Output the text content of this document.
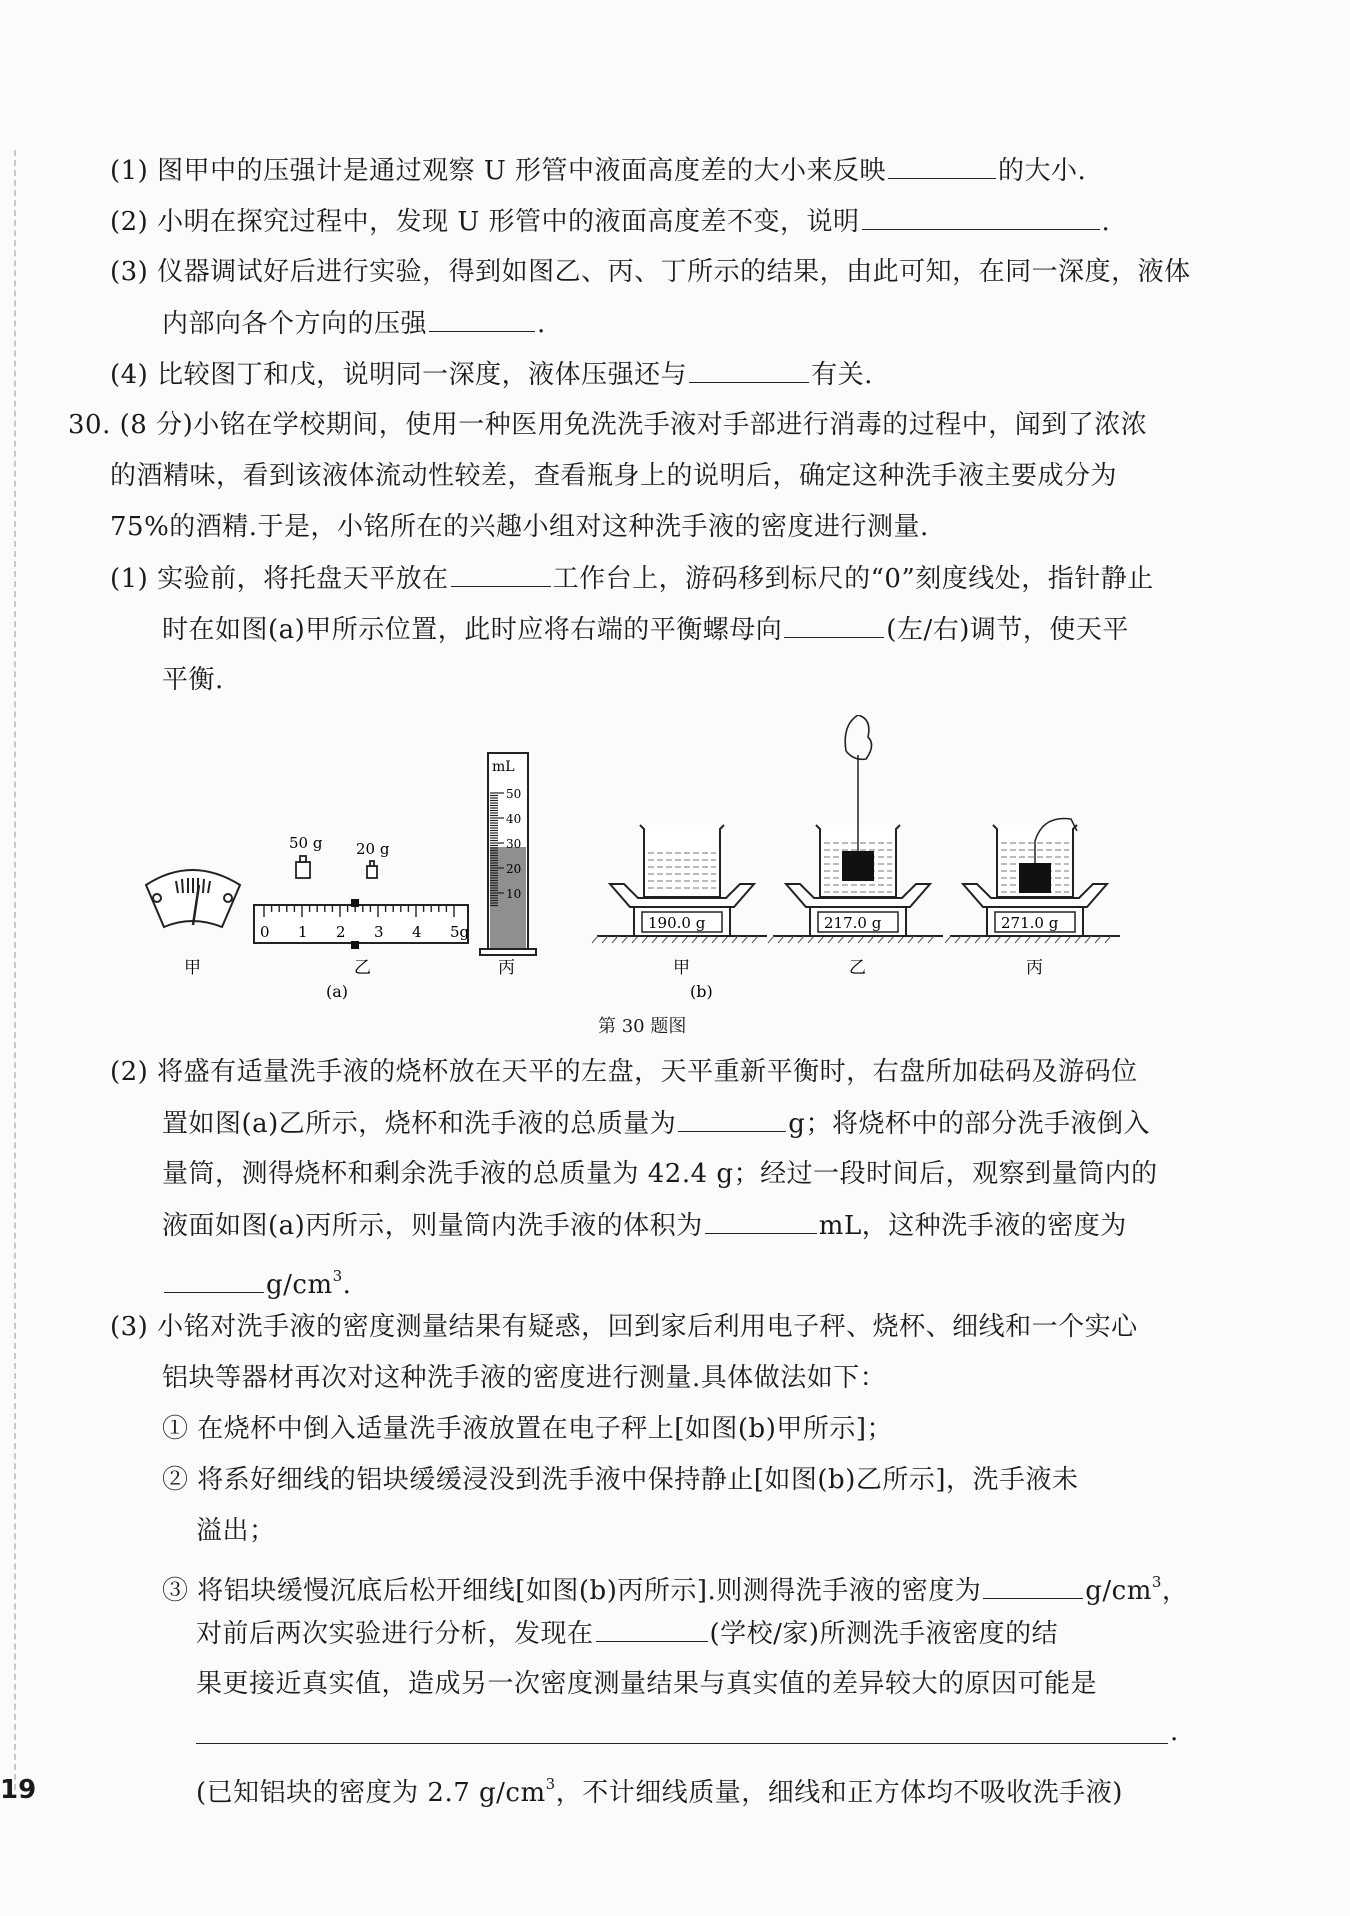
(1) 图甲中的压强计是通过观察 U 形管中液面高度差的大小来反映	的大小.
(2) 小明在探究过程中，发现 U 形管中的液面高度差不变，说明	.
(3) 仪器调试好后进行实验，得到如图乙、丙、丁所示的结果，由此可知，在同一深度，液体
内部向各个方向的压强	.
(4) 比较图丁和戊，说明同一深度，液体压强还与	有关.
30. (8 分)小铭在学校期间，使用一种医用免洗洗手液对手部进行消毒的过程中，闻到了浓浓
的酒精味，看到该液体流动性较差，查看瓶身上的说明后，确定这种洗手液主要成分为
75%的酒精.于是，小铭所在的兴趣小组对这种洗手液的密度进行测量.
(1) 实验前，将托盘天平放在	工作台上，游码移到标尺的“0”刻度线处，指针静止
时在如图(a)甲所示位置，此时应将右端的平衡螺母向	(左/右)调节，使天平
平衡.
甲
50 g 20 g
0 1 2 3 4 5g
乙
(a)
mL
50
40
30
20
10
丙
190.0 g
甲
217.0 g
乙
271.0 g
丙
(b)
第 30 题图
(2) 将盛有适量洗手液的烧杯放在天平的左盘，天平重新平衡时，右盘所加砝码及游码位
置如图(a)乙所示，烧杯和洗手液的总质量为	g；将烧杯中的部分洗手液倒入
量筒，测得烧杯和剩余洗手液的总质量为 42.4 g；经过一段时间后，观察到量筒内的
液面如图(a)丙所示，则量筒内洗手液的体积为	mL，这种洗手液的密度为
$g/cm^3$.
(3) 小铭对洗手液的密度测量结果有疑惑，回到家后利用电子秤、烧杯、细线和一个实心
铝块等器材再次对这种洗手液的密度进行测量.具体做法如下：
① 在烧杯中倒入适量洗手液放置在电子秤上[如图(b)甲所示]；
② 将系好细线的铝块缓缓浸没到洗手液中保持静止[如图(b)乙所示]，洗手液未
溢出；
③ 将铝块缓慢沉底后松开细线[如图(b)丙所示].则测得洗手液的密度为	$g/cm^3$，
对前后两次实验进行分析，发现在	(学校/家)所测洗手液密度的结
果更接近真实值，造成另一次密度测量结果与真实值的差异较大的原因可能是
.
(已知铝块的密度为 2.7 $g/cm^3$，不计细线质量，细线和正方体均不吸收洗手液)
19
